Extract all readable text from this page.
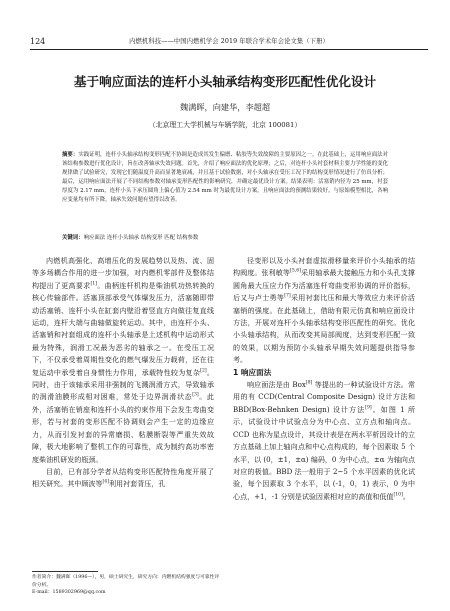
124	内燃机科技——中国内燃机学会 2019 年联合学术年会论文集（下册）
基于响应面法的连杆小头轴承结构变形匹配性优化设计
魏满晖，向建华，李超超
（北京理工大学机械与车辆学院，北京 100081）
摘要：实践证明，连杆小头轴承结构变形匹配不协调是造成其发生偏磨、粘胶等失效故障的主要原因之一。在此基础上，运用响应面法对该结构参数进行优化设计，旨在改善轴承失效问题。首先，介绍了响应面法的优化原理；之后，对连杆小头衬套材料主要力学性能的变化规律做了试验研究，发现它们随温度升高而显著地衰减，并且基于试验数据，对小头轴承在受压工况下的结构变形情况进行了仿真分析；最后，运用响应面法开展了不同结构参数对轴承变形匹配性的影响研究，并确定最优设计方案。结果表明：活塞销内径为 25 mm，衬套厚度为 2.17 mm，连杆小头下承压圆角上偏心值为 2.54 mm 时为最优设计方案，且响应面法的预测结果较好，与原始模型相比，各响应变量均有所下降，轴承失效问题有望得以改善。
关键词：响应面法 连杆小头轴承 结构变形 匹配 结构参数

内燃机高强化、高增压化的发展趋势以及热、流、固等多场耦合作用的进一步加强，对内燃机零部件及整体结构提出了更高要求[1]。曲柄连杆机构是柴油机功热转换的核心传输部件。活塞顶部承受气体爆发压力，活塞随即带动活塞销、连杆小头在缸套内壁沿着竖直方向做往复直线运动，连杆大端与曲轴做旋转运动。其中，由连杆小头、活塞销和衬套组成的连杆小头轴承是上述机构中运动形式最为特殊，润滑工况最为恶劣的轴承之一。在受压工况下，不仅承受着周期性变化的燃气爆发压力载荷，还在往复运动中承受着自身惯性力作用，承载特性较为复杂[2]。同时，由于该轴承采用非强制的飞溅润滑方式，导致轴承的润滑油膜形成相对困难，常处于边界润滑状态[3]。此外，活塞销在销座和连杆小头的约束作用下会发生弯曲变形，若与衬套的变形匹配不协调则会产生一定的边缘应力，从而引发衬套的异常磨损、粘膜断裂等严重失效故障，极大地影响了整机工作的可靠性，成为制约高功率密度柴油机研发的瓶颈。

目前，已有部分学者从结构变形匹配特性角度开展了相关研究。其中顾波等[4]利用衬套背压，孔

径变形以及小头衬套虚拟滑移量来评价小头轴承的结构阀度。张利敏等[5,6]采用轴承最大接触压力和小头孔支撑圆角最大压应力作为活塞连杆弯曲变形协调的评价指标，后又与卢士勇等[7]采用衬套比压和最大等效应力来评价活塞销的强度。在此基础上，借助有限元仿真和响应面设计方法，开展对连杆小头轴承结构变形匹配性的研究。优化小头轴承结构，从而改变其局部阀度，达到变形匹配一致的效果，以期为预防小头轴承早期失效问题提供指导参考。

1 响应面法

响应面法是由 Box[8] 等提出的一种试验设计方法。常用的有 CCD(Central Composite Design) 设计方法和 BBD(Box-Behnken Design) 设计方法[9]。如图 1 所示，试验设计中试验点分为中心点、立方点和轴向点。CCD 也称为星点设计，其设计表是在两水平析因设计的立方点基础上加上轴向点和中心点构成的，每个因素取 5 个水平，以 (0，±1，±α) 编码，0 为中心点，±α 为轴向点对应的极值。BBD 法一般用于 2~5 个水平因素的优化试验，每个因素取 3 个水平，以 (-1，0，1) 表示，0 为中心点，+1，-1 分别是试验因素相对应的高值和低值[10]。

作者简介：魏满晖（1996—），男，硕士研究生，研究方向：内燃机结构强度与可靠性评价分析。
E-mail：1589302969@qq.com
